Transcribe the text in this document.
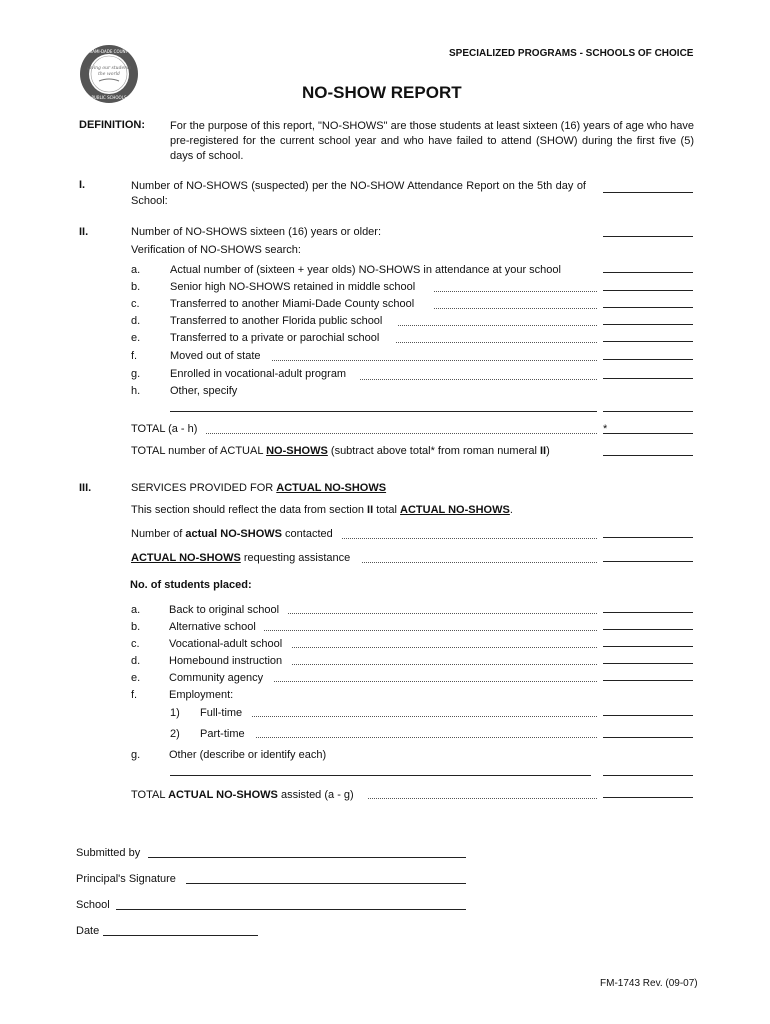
giving our students
the world
MIAMI-DADE COUNTY
PUBLIC SCHOOLS
SPECIALIZED PROGRAMS - SCHOOLS OF CHOICE
NO-SHOW REPORT
DEFINITION: For the purpose of this report, "NO-SHOWS" are those students at least sixteen (16) years of age who have pre-registered for the current school year and who have failed to attend (SHOW) during the first five (5) days of school.
I.	Number of NO-SHOWS (suspected) per the NO-SHOW Attendance Report on the 5th day of School:
II.	Number of NO-SHOWS sixteen (16) years or older:
Verification of NO-SHOWS search:
a.	Actual number of (sixteen + year olds) NO-SHOWS in attendance at your school
b.	Senior high NO-SHOWS retained in middle school
c.	Transferred to another Miami-Dade County school
d.	Transferred to another Florida public school
e.	Transferred to a private or parochial school
f.	Moved out of state
g.	Enrolled in vocational-adult program
h.	Other, specify
TOTAL (a - h)	*
TOTAL number of ACTUAL NO-SHOWS (subtract above total* from roman numeral II)
III.	SERVICES PROVIDED FOR ACTUAL NO-SHOWS
This section should reflect the data from section II total ACTUAL NO-SHOWS.
Number of actual NO-SHOWS contacted
ACTUAL NO-SHOWS requesting assistance
No. of students placed:
a.	Back to original school
b.	Alternative school
c.	Vocational-adult school
d.	Homebound instruction
e.	Community agency
f.	Employment:
1) Full-time
2) Part-time
g.	Other (describe or identify each)
TOTAL ACTUAL NO-SHOWS assisted (a - g)
Submitted by
Principal's Signature
School
Date
FM-1743 Rev. (09-07)
